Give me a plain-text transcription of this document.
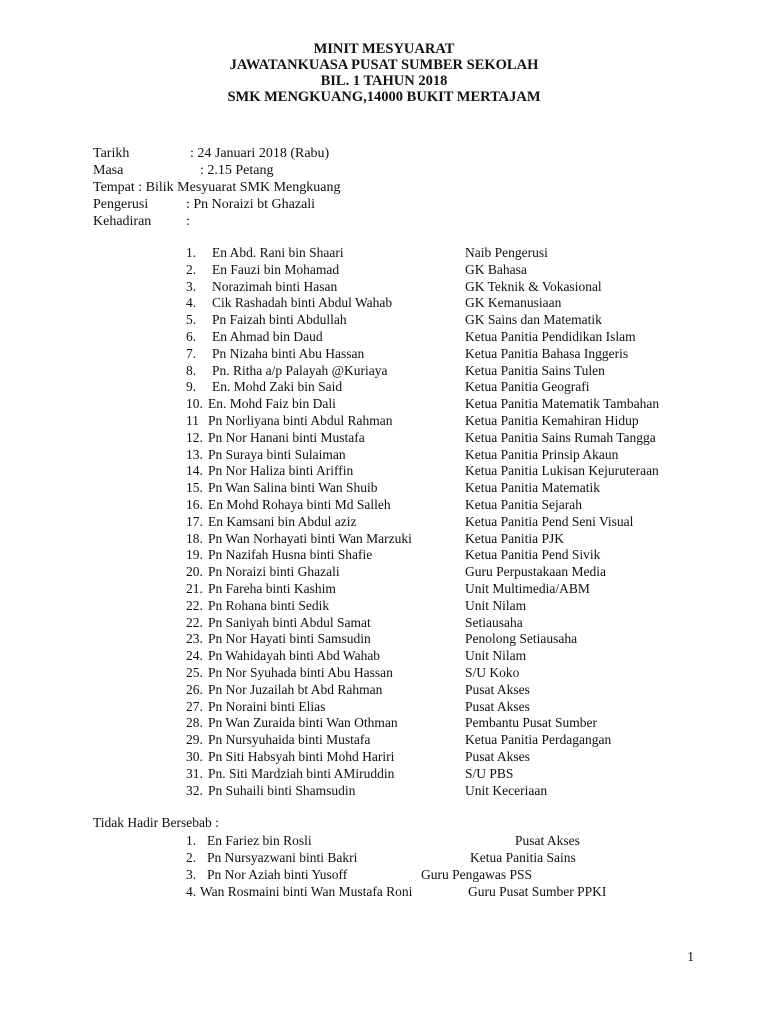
MINIT MESYUARAT
JAWATANKUASA PUSAT SUMBER SEKOLAH
BIL. 1 TAHUN 2018
SMK MENGKUANG,14000 BUKIT MERTAJAM
Tarikh	: 24 Januari 2018 (Rabu)
Masa	: 2.15 Petang
Tempat : Bilik Mesyuarat SMK Mengkuang
Pengerusi	: Pn Noraizi bt Ghazali
Kehadiran :
1. En Abd. Rani bin Shaari	Naib Pengerusi
2. En Fauzi bin Mohamad	GK Bahasa
3. Norazimah binti Hasan	GK Teknik & Vokasional
4. Cik Rashadah binti Abdul Wahab	GK Kemanusiaan
5. Pn Faizah binti Abdullah	GK Sains dan Matematik
6. En Ahmad bin Daud	Ketua Panitia Pendidikan Islam
7. Pn Nizaha binti Abu Hassan	Ketua Panitia Bahasa Inggeris
8. Pn. Ritha a/p Palayah @Kuriaya	Ketua Panitia Sains Tulen
9. En. Mohd Zaki bin Said	Ketua Panitia Geografi
10. En. Mohd Faiz bin Dali	Ketua Panitia Matematik Tambahan
11 Pn Norliyana binti Abdul Rahman	Ketua Panitia Kemahiran Hidup
12. Pn Nor Hanani binti Mustafa	Ketua Panitia Sains Rumah Tangga
13. Pn Suraya binti Sulaiman	Ketua Panitia Prinsip Akaun
14. Pn Nor Haliza binti Ariffin	Ketua Panitia Lukisan Kejuruteraan
15. Pn Wan Salina binti Wan Shuib	Ketua Panitia Matematik
16. En Mohd Rohaya binti Md Salleh	Ketua Panitia Sejarah
17. En Kamsani bin Abdul aziz	Ketua Panitia Pend Seni Visual
18. Pn Wan Norhayati binti Wan Marzuki	Ketua Panitia PJK
19. Pn Nazifah Husna binti Shafie	Ketua Panitia Pend Sivik
20. Pn Noraizi binti Ghazali	Guru Perpustakaan Media
21. Pn Fareha binti Kashim	Unit Multimedia/ABM
22. Pn Rohana binti Sedik	Unit Nilam
22. Pn Saniyah binti Abdul Samat	Setiausaha
23. Pn Nor Hayati binti Samsudin	Penolong Setiausaha
24. Pn Wahidayah binti Abd Wahab	Unit Nilam
25. Pn Nor Syuhada binti Abu Hassan	S/U Koko
26. Pn Nor Juzailah bt Abd Rahman	Pusat Akses
27. Pn Noraini binti Elias	Pusat Akses
28. Pn Wan Zuraida binti Wan Othman	Pembantu Pusat Sumber
29. Pn Nursyuhaida binti Mustafa	Ketua Panitia Perdagangan
30. Pn Siti Habsyah binti Mohd Hariri	Pusat Akses
31. Pn. Siti Mardziah binti AMiruddin	S/U PBS
32. Pn Suhaili binti Shamsudin	Unit Keceriaan
Tidak Hadir Bersebab :
1. En Fariez bin Rosli	Pusat Akses
2. Pn Nursyazwani binti Bakri	Ketua Panitia Sains
3. Pn Nor Aziah binti Yusoff	Guru Pengawas PSS
4. Wan Rosmaini binti Wan Mustafa Roni	Guru Pusat Sumber PPKI
1
